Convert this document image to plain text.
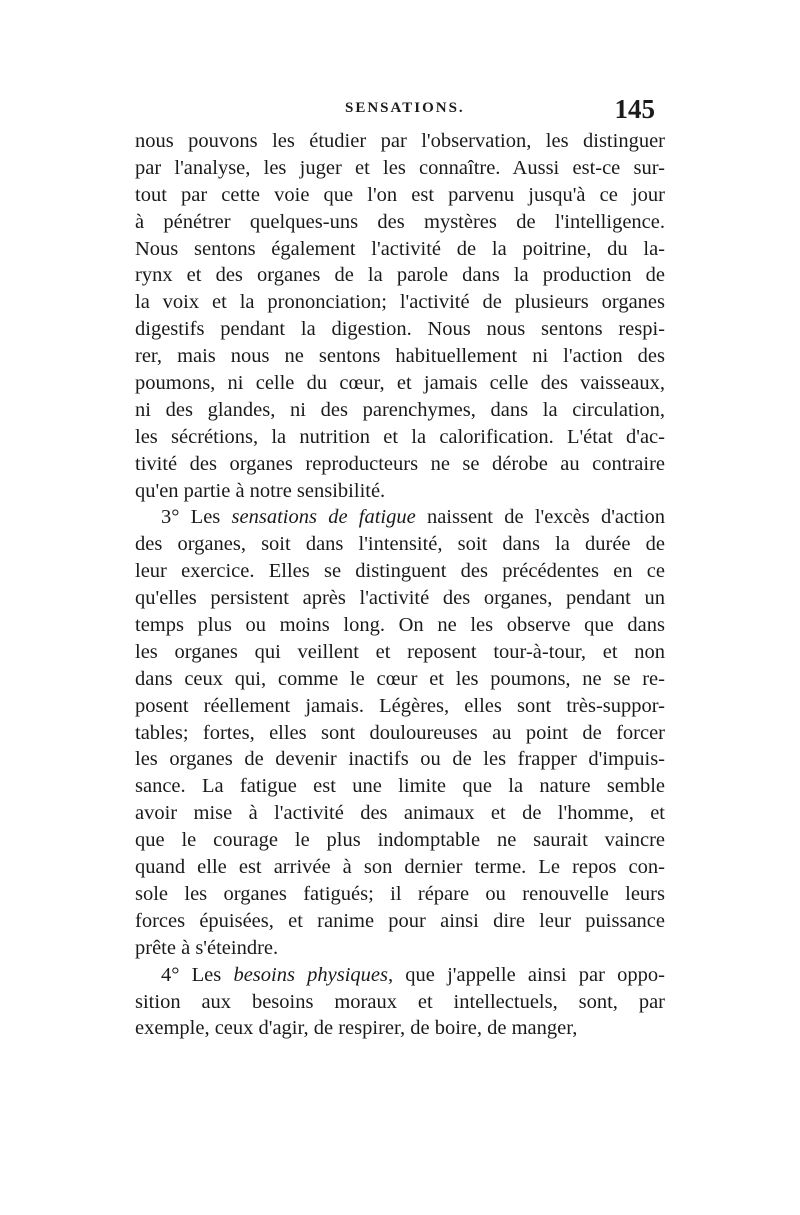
SENSATIONS.	145
nous pouvons les étudier par l'observation, les distinguer
par l'analyse, les juger et les connaître. Aussi est-ce sur-
tout par cette voie que l'on est parvenu jusqu'à ce jour
à pénétrer quelques-uns des mystères de l'intelligence.
Nous sentons également l'activité de la poitrine, du la-
rynx et des organes de la parole dans la production de
la voix et la prononciation; l'activité de plusieurs organes
digestifs pendant la digestion. Nous nous sentons respi-
rer, mais nous ne sentons habituellement ni l'action des
poumons, ni celle du cœur, et jamais celle des vaisseaux,
ni des glandes, ni des parenchymes, dans la circulation,
les sécrétions, la nutrition et la calorification. L'état d'ac-
tivité des organes reproducteurs ne se dérobe au contraire
qu'en partie à notre sensibilité.
3° Les sensations de fatigue naissent de l'excès d'action
des organes, soit dans l'intensité, soit dans la durée de
leur exercice. Elles se distinguent des précédentes en ce
qu'elles persistent après l'activité des organes, pendant un
temps plus ou moins long. On ne les observe que dans
les organes qui veillent et reposent tour-à-tour, et non
dans ceux qui, comme le cœur et les poumons, ne se re-
posent réellement jamais. Légères, elles sont très-suppor-
tables; fortes, elles sont douloureuses au point de forcer
les organes de devenir inactifs ou de les frapper d'impuis-
sance. La fatigue est une limite que la nature semble
avoir mise à l'activité des animaux et de l'homme, et
que le courage le plus indomptable ne saurait vaincre
quand elle est arrivée à son dernier terme. Le repos con-
sole les organes fatigués; il répare ou renouvelle leurs
forces épuisées, et ranime pour ainsi dire leur puissance
prête à s'éteindre.
4° Les besoins physiques, que j'appelle ainsi par oppo-
sition aux besoins moraux et intellectuels, sont, par
exemple, ceux d'agir, de respirer, de boire, de manger,
